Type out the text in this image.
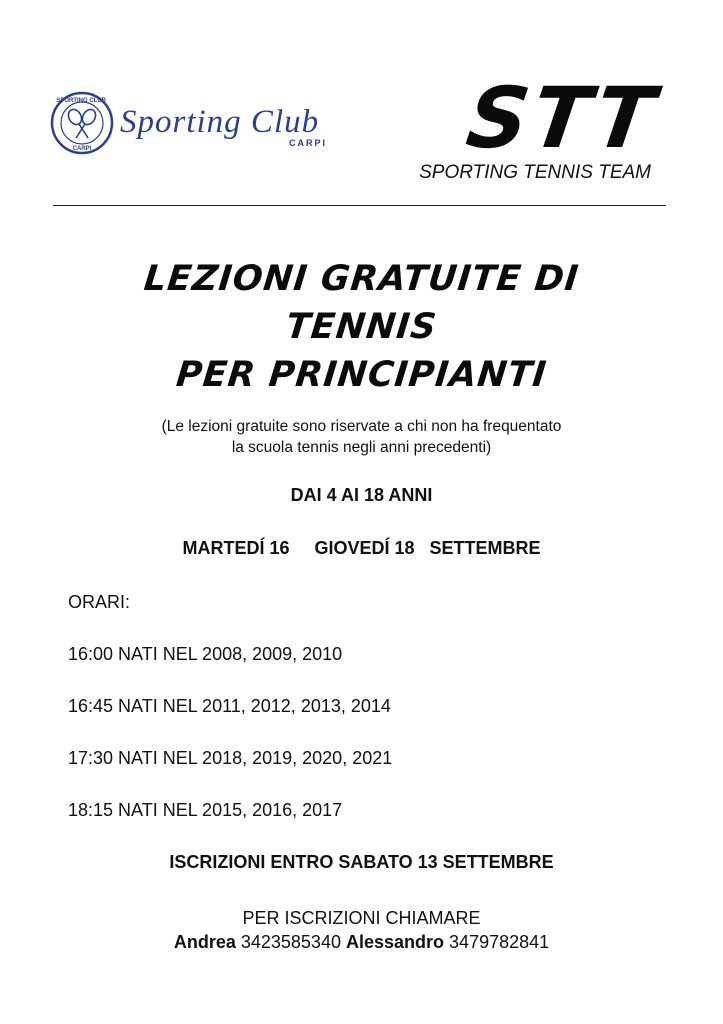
SPORTING CLUB CARPI
Sporting Club
CARPI	STT
SPORTING TENNIS TEAM
LEZIONI GRATUITE DI
TENNIS
PER PRINCIPIANTI
(Le lezioni gratuite sono riservate a chi non ha frequentato
la scuola tennis negli anni precedenti)
DAI 4 AI 18 ANNI
MARTEDÍ 16     GIOVEDÍ 18   SETTEMBRE
ORARI:
16:00 NATI NEL 2008, 2009, 2010
16:45 NATI NEL 2011, 2012, 2013, 2014
17:30 NATI NEL 2018, 2019, 2020, 2021
18:15 NATI NEL 2015, 2016, 2017
ISCRIZIONI ENTRO SABATO 13 SETTEMBRE
PER ISCRIZIONI CHIAMARE
Andrea 3423585340 Alessandro 3479782841
